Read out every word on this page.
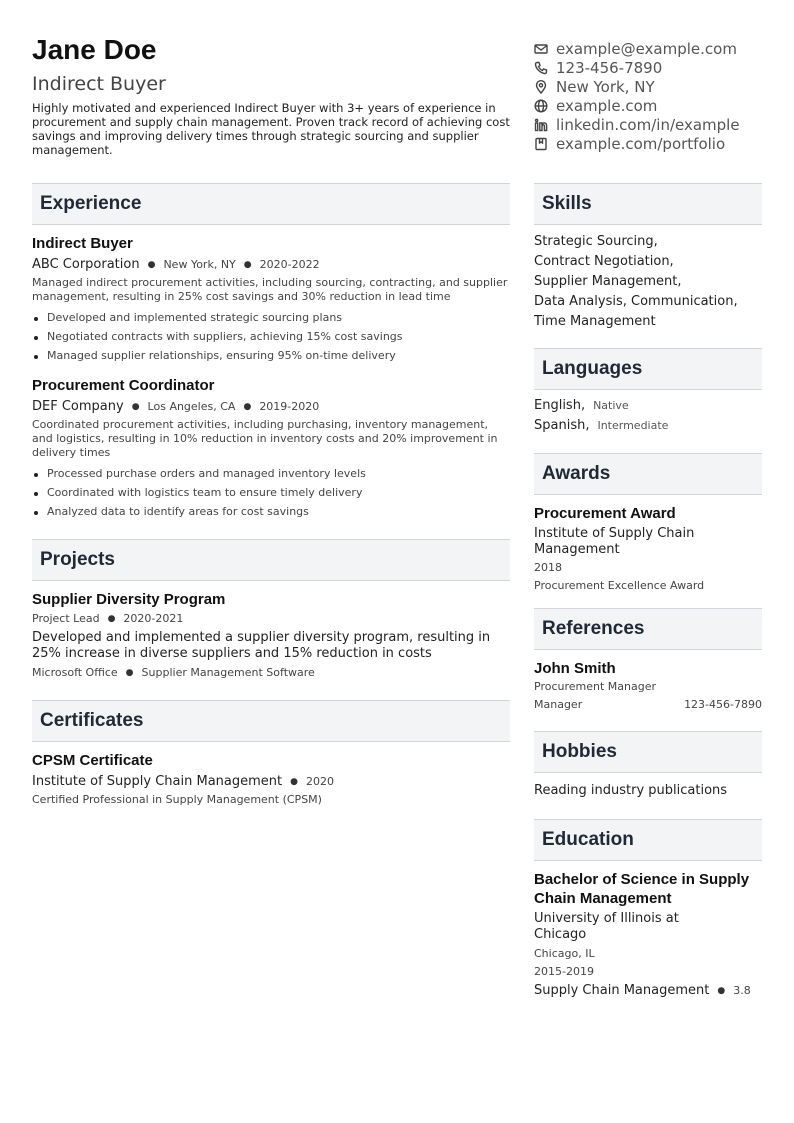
Jane Doe
Indirect Buyer
Highly motivated and experienced Indirect Buyer with 3+ years of experience in procurement and supply chain management. Proven track record of achieving cost savings and improving delivery times through strategic sourcing and supplier management.
example@example.com
123-456-7890
New York, NY
example.com
linkedin.com/in/example
example.com/portfolio
Experience
Indirect Buyer
ABC Corporation ● New York, NY ● 2020-2022
Managed indirect procurement activities, including sourcing, contracting, and supplier management, resulting in 25% cost savings and 30% reduction in lead time
Developed and implemented strategic sourcing plans
Negotiated contracts with suppliers, achieving 15% cost savings
Managed supplier relationships, ensuring 95% on-time delivery
Procurement Coordinator
DEF Company ● Los Angeles, CA ● 2019-2020
Coordinated procurement activities, including purchasing, inventory management, and logistics, resulting in 10% reduction in inventory costs and 20% improvement in delivery times
Processed purchase orders and managed inventory levels
Coordinated with logistics team to ensure timely delivery
Analyzed data to identify areas for cost savings
Projects
Supplier Diversity Program
Project Lead ● 2020-2021
Developed and implemented a supplier diversity program, resulting in 25% increase in diverse suppliers and 15% reduction in costs
Microsoft Office ● Supplier Management Software
Certificates
CPSM Certificate
Institute of Supply Chain Management ● 2020
Certified Professional in Supply Management (CPSM)
Skills
Strategic Sourcing,
Contract Negotiation,
Supplier Management,
Data Analysis, Communication,
Time Management
Languages
English, Native
Spanish, Intermediate
Awards
Procurement Award
Institute of Supply Chain Management
2018
Procurement Excellence Award
References
John Smith
Procurement Manager
Manager	123-456-7890
Hobbies
Reading industry publications
Education
Bachelor of Science in Supply Chain Management
University of Illinois at Chicago
Chicago, IL
2015-2019
Supply Chain Management ● 3.8
